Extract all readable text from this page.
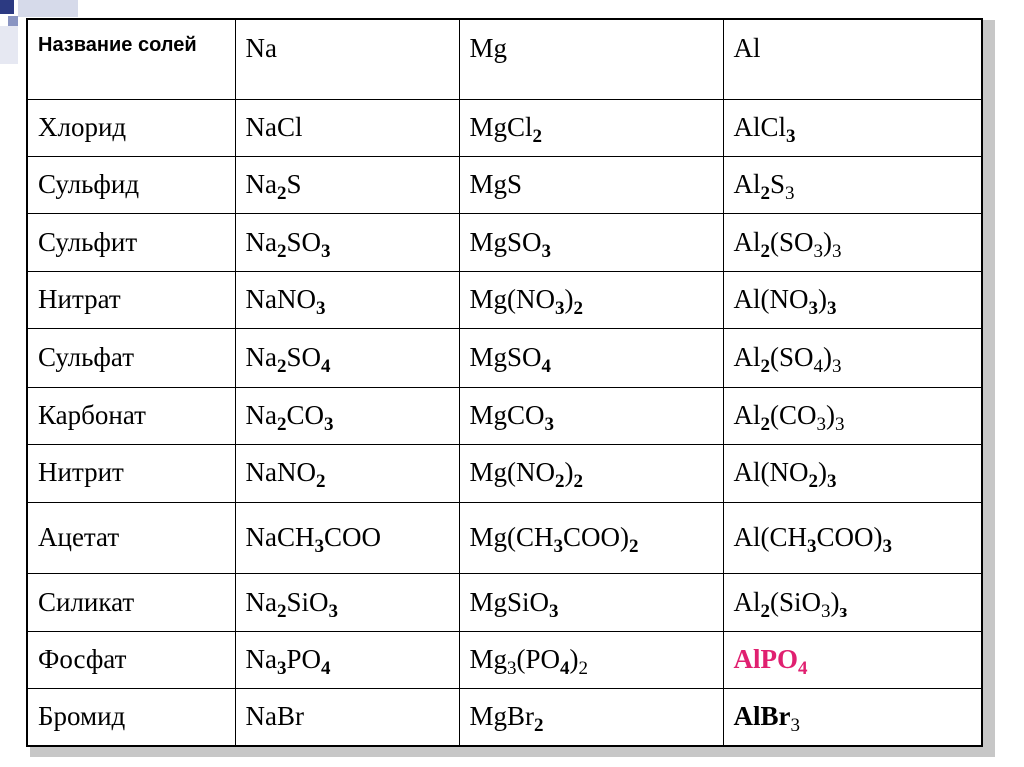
Название солей	Na	Mg	Al
Хлорид	NaCl	MgCl$_2$	AlCl$_3$
Сульфид	$Na_2S$	MgS	$Al_2S_3$
Сульфит	$Na_2SO_3$	MgSO$_3$	$Al_2(SO_3)_3$
Нитрат	NaNO$_3$	$Mg(NO_3)_2$	$Al(NO_3)_3$
Сульфат	$Na_2SO_4$	MgSO$_4$	$Al_2(SO_4)_3$
Карбонат	$Na_2CO_3$	MgCO$_3$	$Al_2(CO_3)_3$
Нитрит	NaNO$_2$	$Mg(NO_2)_2$	$Al(NO_2)_3$
Ацетат	NaCH$_3$COO	$Mg(CH_3COO)_2$	$Al(CH_3COO)_3$
Силикат	$Na_2SiO_3$	MgSiO$_3$	$Al_2(SiO_3)_з$
Фосфат	$Na_3PO_4$	$Mg_3(PO_4)_2$	AlPO$_4$
Бромид	NaBr	MgBr$_2$	AlBr$_3$
